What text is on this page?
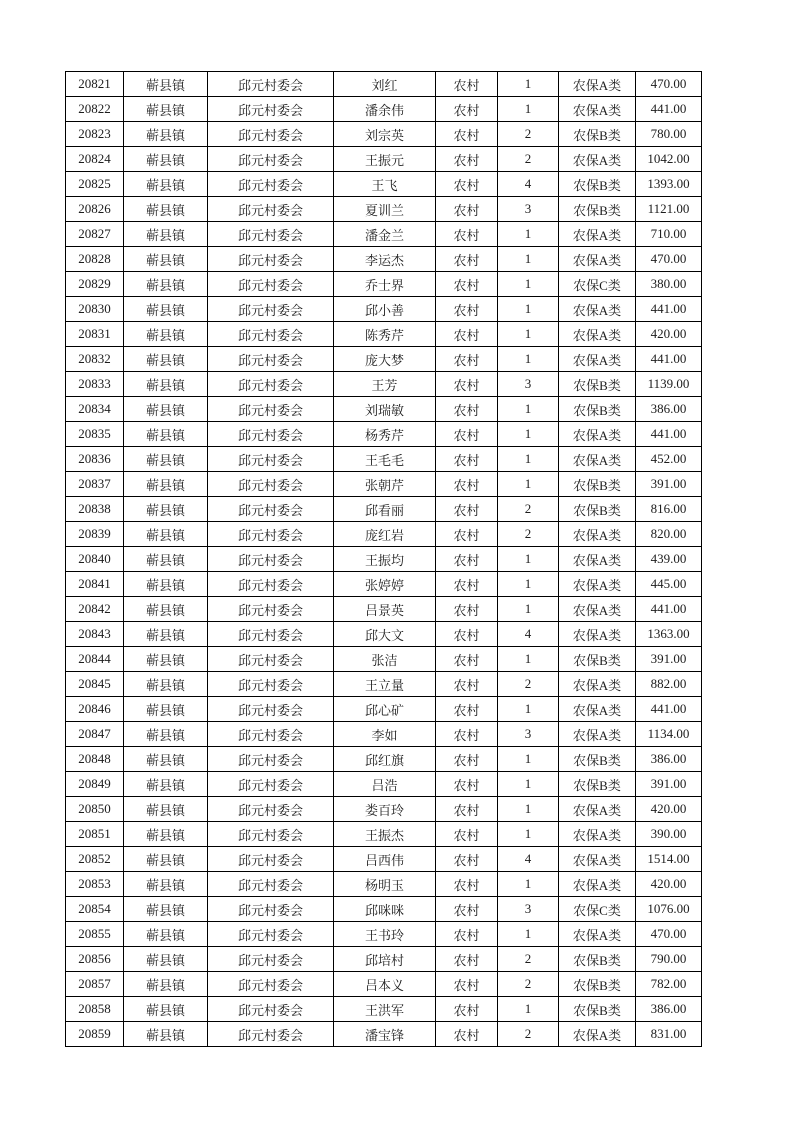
20821	蕲县镇	邱元村委会	刘红	农村	1	农保A类	470.00
20822	蕲县镇	邱元村委会	潘余伟	农村	1	农保A类	441.00
20823	蕲县镇	邱元村委会	刘宗英	农村	2	农保B类	780.00
20824	蕲县镇	邱元村委会	王振元	农村	2	农保A类	1042.00
20825	蕲县镇	邱元村委会	王飞	农村	4	农保B类	1393.00
20826	蕲县镇	邱元村委会	夏训兰	农村	3	农保B类	1121.00
20827	蕲县镇	邱元村委会	潘金兰	农村	1	农保A类	710.00
20828	蕲县镇	邱元村委会	李运杰	农村	1	农保A类	470.00
20829	蕲县镇	邱元村委会	乔士界	农村	1	农保C类	380.00
20830	蕲县镇	邱元村委会	邱小善	农村	1	农保A类	441.00
20831	蕲县镇	邱元村委会	陈秀芹	农村	1	农保A类	420.00
20832	蕲县镇	邱元村委会	庞大梦	农村	1	农保A类	441.00
20833	蕲县镇	邱元村委会	王芳	农村	3	农保B类	1139.00
20834	蕲县镇	邱元村委会	刘瑞敏	农村	1	农保B类	386.00
20835	蕲县镇	邱元村委会	杨秀芹	农村	1	农保A类	441.00
20836	蕲县镇	邱元村委会	王毛毛	农村	1	农保A类	452.00
20837	蕲县镇	邱元村委会	张朝芹	农村	1	农保B类	391.00
20838	蕲县镇	邱元村委会	邱看丽	农村	2	农保B类	816.00
20839	蕲县镇	邱元村委会	庞红岩	农村	2	农保A类	820.00
20840	蕲县镇	邱元村委会	王振均	农村	1	农保A类	439.00
20841	蕲县镇	邱元村委会	张婷婷	农村	1	农保A类	445.00
20842	蕲县镇	邱元村委会	吕景英	农村	1	农保A类	441.00
20843	蕲县镇	邱元村委会	邱大文	农村	4	农保A类	1363.00
20844	蕲县镇	邱元村委会	张洁	农村	1	农保B类	391.00
20845	蕲县镇	邱元村委会	王立量	农村	2	农保A类	882.00
20846	蕲县镇	邱元村委会	邱心矿	农村	1	农保A类	441.00
20847	蕲县镇	邱元村委会	李如	农村	3	农保A类	1134.00
20848	蕲县镇	邱元村委会	邱红旗	农村	1	农保B类	386.00
20849	蕲县镇	邱元村委会	吕浩	农村	1	农保B类	391.00
20850	蕲县镇	邱元村委会	娄百玲	农村	1	农保A类	420.00
20851	蕲县镇	邱元村委会	王振杰	农村	1	农保A类	390.00
20852	蕲县镇	邱元村委会	吕西伟	农村	4	农保A类	1514.00
20853	蕲县镇	邱元村委会	杨明玉	农村	1	农保A类	420.00
20854	蕲县镇	邱元村委会	邱咪咪	农村	3	农保C类	1076.00
20855	蕲县镇	邱元村委会	王书玲	农村	1	农保A类	470.00
20856	蕲县镇	邱元村委会	邱培村	农村	2	农保B类	790.00
20857	蕲县镇	邱元村委会	吕本义	农村	2	农保B类	782.00
20858	蕲县镇	邱元村委会	王洪军	农村	1	农保B类	386.00
20859	蕲县镇	邱元村委会	潘宝锋	农村	2	农保A类	831.00
